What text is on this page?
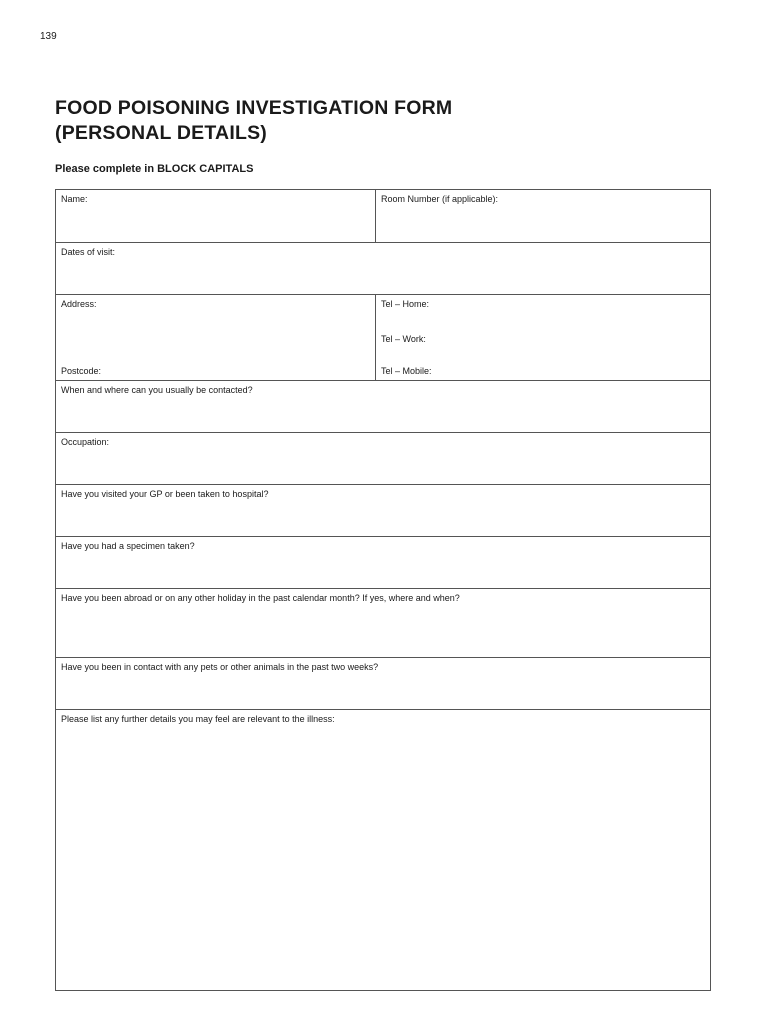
139
FOOD POISONING INVESTIGATION FORM
(PERSONAL DETAILS)
Please complete in BLOCK CAPITALS
Name:	Room Number (if applicable):
Dates of visit:
Address:
Postcode:
Tel – Home:
Tel – Work:
Tel – Mobile:
When and where can you usually be contacted?
Occupation:
Have you visited your GP or been taken to hospital?
Have you had a specimen taken?
Have you been abroad or on any other holiday in the past calendar month? If yes, where and when?
Have you been in contact with any pets or other animals in the past two weeks?
Please list any further details you may feel are relevant to the illness:
